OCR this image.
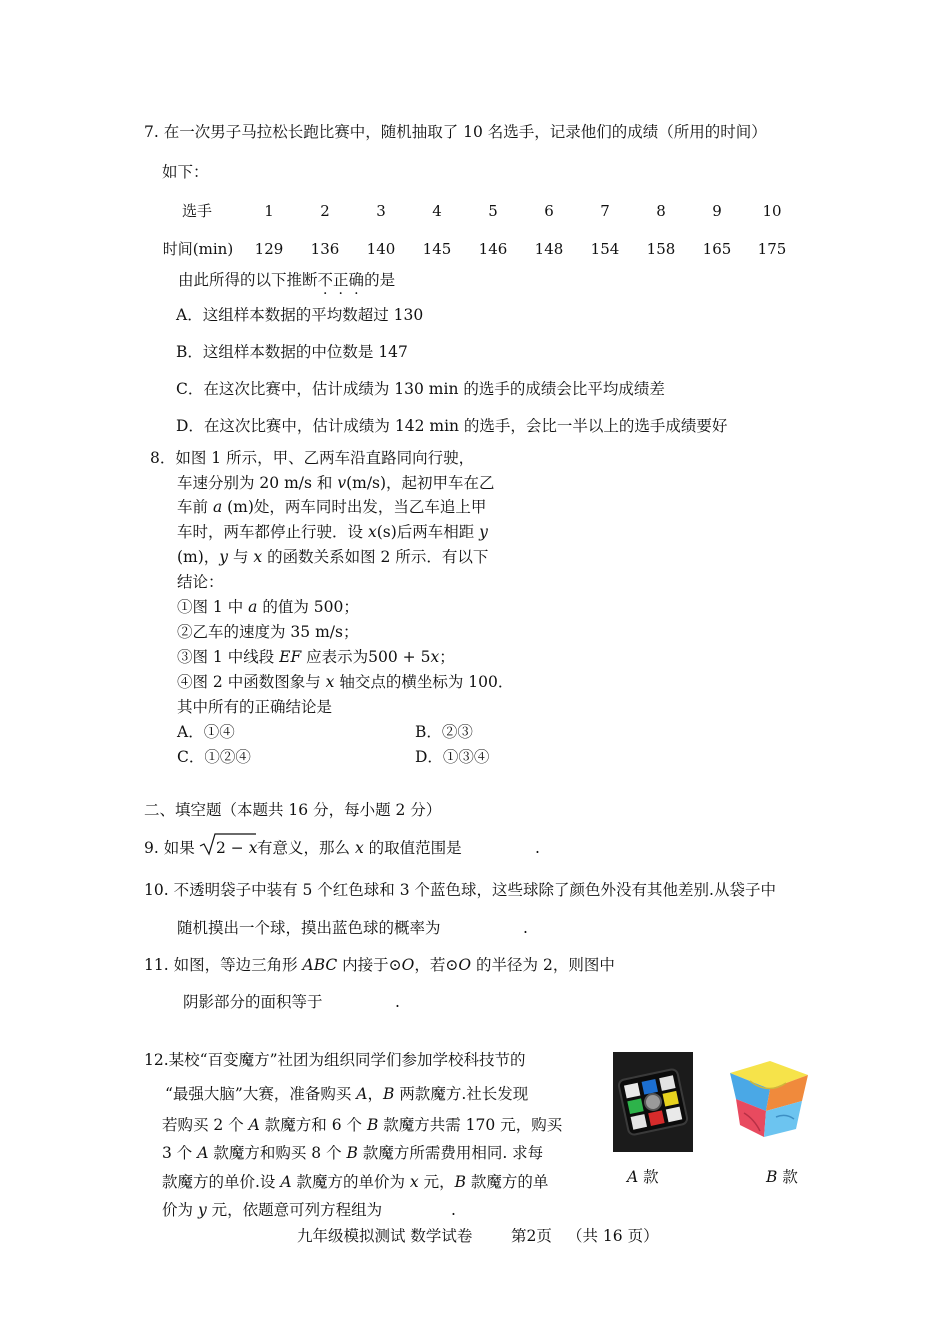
7. 在一次男子马拉松长跑比赛中，随机抽取了 10 名选手，记录他们的成绩（所用的时间）
如下：
选手	1	2	3	4	5	6	7	8	9	10
时间(min)	129	136	140	145	146	148	154	158	165	175
由此所得的以下推断不正确的是
A．这组样本数据的平均数超过 130
B．这组样本数据的中位数是 147
C．在这次比赛中，估计成绩为 130 min 的选手的成绩会比平均成绩差
D．在这次比赛中，估计成绩为 142 min 的选手，会比一半以上的选手成绩要好
8．如图 1 所示，甲、乙两车沿直路同向行驶，
车速分别为 20 m/s 和 v(m/s)，起初甲车在乙
车前 a (m)处，两车同时出发，当乙车追上甲
车时，两车都停止行驶．设 x(s)后两车相距 y
(m)，y 与 x 的函数关系如图 2 所示．有以下
结论：
①图 1 中 a 的值为 500；
②乙车的速度为 35 m/s；
③图 1 中线段 EF 应表示为500 + 5x；
④图 2 中函数图象与 x 轴交点的横坐标为 100．
其中所有的正确结论是
A．①④	B．②③
C．①②④	D．①③④
二、填空题（本题共 16 分，每小题 2 分）
9. 如果 2 − x 有意义，那么 x 的取值范围是	.
10. 不透明袋子中装有 5 个红色球和 3 个蓝色球，这些球除了颜色外没有其他差别.从袋子中
随机摸出一个球，摸出蓝色球的概率为	.
11. 如图，等边三角形 ABC 内接于⊙O，若⊙O 的半径为 2，则图中
阴影部分的面积等于	.
12.某校“百变魔方”社团为组织同学们参加学校科技节的
“最强大脑”大赛，准备购买 A，B 两款魔方.社长发现
若购买 2 个 A 款魔方和 6 个 B 款魔方共需 170 元，购买
3 个 A 款魔方和购买 8 个 B 款魔方所需费用相同. 求每
款魔方的单价.设 A 款魔方的单价为 x 元，B 款魔方的单
价为 y 元，依题意可列方程组为	.
A 款	B 款
九年级模拟测试 数学试卷 第2页 （共 16 页）
